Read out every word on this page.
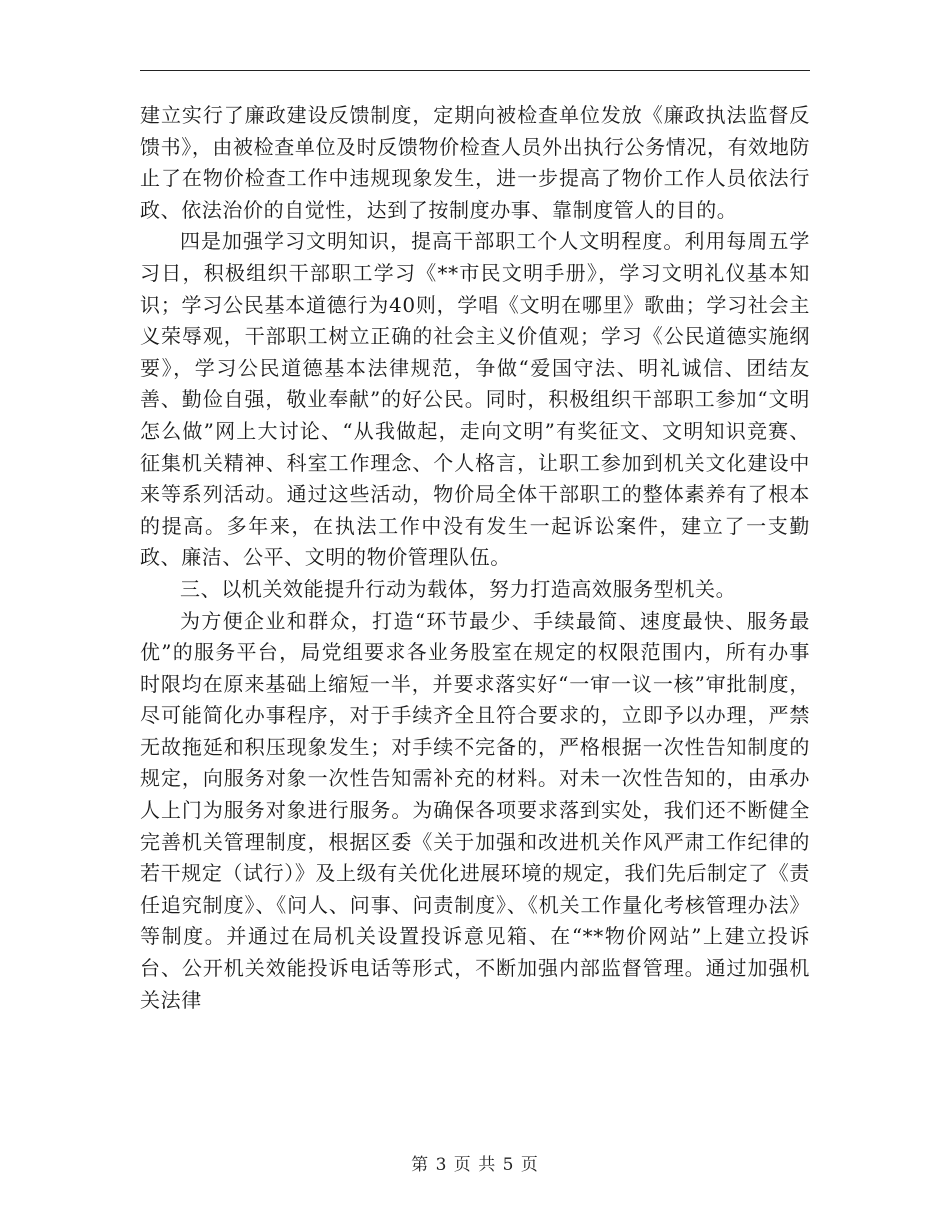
建立实行了廉政建设反馈制度，定期向被检查单位发放《廉政执法监督反馈书》，由被检查单位及时反馈物价检查人员外出执行公务情况，有效地防止了在物价检查工作中违规现象发生，进一步提高了物价工作人员依法行政、依法治价的自觉性，达到了按制度办事、靠制度管人的目的。

四是加强学习文明知识，提高干部职工个人文明程度。利用每周五学习日，积极组织干部职工学习《**市民文明手册》，学习文明礼仪基本知识；学习公民基本道德行为40则，学唱《文明在哪里》歌曲；学习社会主义荣辱观，干部职工树立正确的社会主义价值观；学习《公民道德实施纲要》，学习公民道德基本法律规范，争做“爱国守法、明礼诚信、团结友善、勤俭自强，敬业奉献”的好公民。同时，积极组织干部职工参加“文明怎么做”网上大讨论、“从我做起，走向文明”有奖征文、文明知识竞赛、征集机关精神、科室工作理念、个人格言，让职工参加到机关文化建设中来等系列活动。通过这些活动，物价局全体干部职工的整体素养有了根本的提高。多年来，在执法工作中没有发生一起诉讼案件，建立了一支勤政、廉洁、公平、文明的物价管理队伍。

三、以机关效能提升行动为载体，努力打造高效服务型机关。

为方便企业和群众，打造“环节最少、手续最简、速度最快、服务最优”的服务平台，局党组要求各业务股室在规定的权限范围内，所有办事时限均在原来基础上缩短一半，并要求落实好“一审一议一核”审批制度，尽可能简化办事程序，对于手续齐全且符合要求的，立即予以办理，严禁无故拖延和积压现象发生；对手续不完备的，严格根据一次性告知制度的规定，向服务对象一次性告知需补充的材料。对未一次性告知的，由承办人上门为服务对象进行服务。为确保各项要求落到实处，我们还不断健全完善机关管理制度，根据区委《关于加强和改进机关作风严肃工作纪律的若干规定（试行）》及上级有关优化进展环境的规定，我们先后制定了《责任追究制度》、《问人、问事、问责制度》、《机关工作量化考核管理办法》等制度。并通过在局机关设置投诉意见箱、在“**物价网站”上建立投诉台、公开机关效能投诉电话等形式，不断加强内部监督管理。通过加强机关法律

第 3 页 共 5 页
